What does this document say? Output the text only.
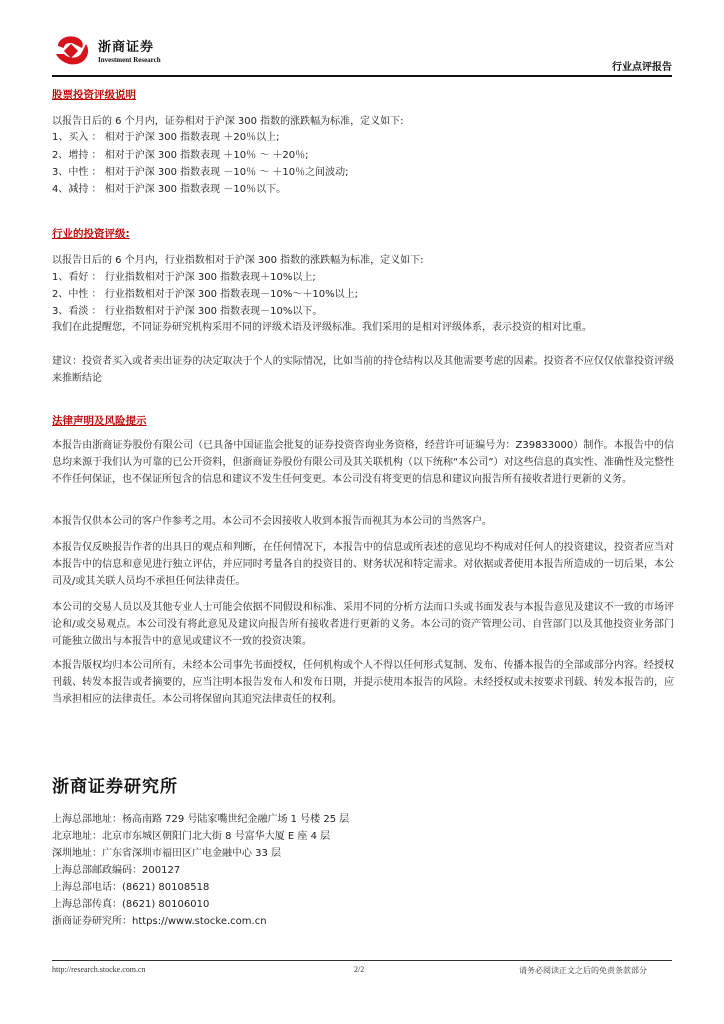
浙商证券
Investment Research
行业点评报告
股票投资评级说明
以报告日后的 6 个月内，证券相对于沪深 300 指数的涨跌幅为标准，定义如下:
1、买入 ： 相对于沪深 300 指数表现 ＋20％以上;
2、增持 ： 相对于沪深 300 指数表现 ＋10％ ～ ＋20％;
3、中性 ： 相对于沪深 300 指数表现 －10％ ～ ＋10％之间波动;
4、减持 ： 相对于沪深 300 指数表现 －10％以下。
行业的投资评级:
以报告日后的 6 个月内，行业指数相对于沪深 300 指数的涨跌幅为标准，定义如下:
1、看好 ： 行业指数相对于沪深 300 指数表现＋10%以上;
2、中性 ： 行业指数相对于沪深 300 指数表现－10%～＋10%以上;
3、看淡 ： 行业指数相对于沪深 300 指数表现－10%以下。
我们在此提醒您，不同证券研究机构采用不同的评级术语及评级标准。我们采用的是相对评级体系，表示投资的相对比重。
建议：投资者买入或者卖出证券的决定取决于个人的实际情况，比如当前的持仓结构以及其他需要考虑的因素。投资者不应仅仅依靠投资评级来推断结论
法律声明及风险提示
本报告由浙商证券股份有限公司（已具备中国证监会批复的证券投资咨询业务资格，经营许可证编号为：Z39833000）制作。本报告中的信息均来源于我们认为可靠的已公开资料，但浙商证券股份有限公司及其关联机构（以下统称“本公司”）对这些信息的真实性、准确性及完整性不作任何保证，也不保证所包含的信息和建议不发生任何变更。本公司没有将变更的信息和建议向报告所有接收者进行更新的义务。
本报告仅供本公司的客户作参考之用。本公司不会因接收人收到本报告而视其为本公司的当然客户。
本报告仅反映报告作者的出具日的观点和判断，在任何情况下，本报告中的信息或所表述的意见均不构成对任何人的投资建议，投资者应当对本报告中的信息和意见进行独立评估，并应同时考量各自的投资目的、财务状况和特定需求。对依据或者使用本报告所造成的一切后果，本公司及/或其关联人员均不承担任何法律责任。
本公司的交易人员以及其他专业人士可能会依据不同假设和标准、采用不同的分析方法而口头或书面发表与本报告意见及建议不一致的市场评论和/或交易观点。本公司没有将此意见及建议向报告所有接收者进行更新的义务。本公司的资产管理公司、自营部门以及其他投资业务部门可能独立做出与本报告中的意见或建议不一致的投资决策。
本报告版权均归本公司所有，未经本公司事先书面授权，任何机构或个人不得以任何形式复制、发布、传播本报告的全部或部分内容。经授权刊载、转发本报告或者摘要的，应当注明本报告发布人和发布日期，并提示使用本报告的风险。未经授权或未按要求刊载、转发本报告的，应当承担相应的法律责任。本公司将保留向其追究法律责任的权利。
浙商证券研究所
上海总部地址：杨高南路 729 号陆家嘴世纪金融广场 1 号楼 25 层
北京地址：北京市东城区朝阳门北大街 8 号富华大厦 E 座 4 层
深圳地址：广东省深圳市福田区广电金融中心 33 层
上海总部邮政编码：200127
上海总部电话：(8621) 80108518
上海总部传真：(8621) 80106010
浙商证券研究所：https://www.stocke.com.cn
http://research.stocke.com.cn	2/2	请务必阅读正文之后的免责条款部分
